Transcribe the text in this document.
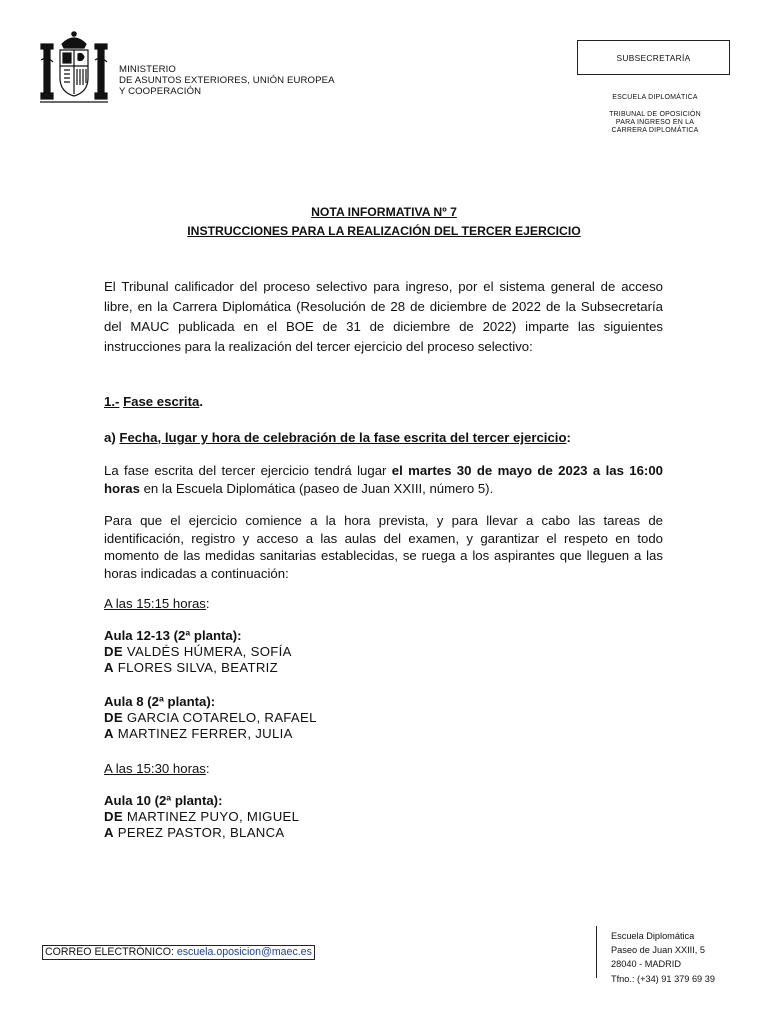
MINISTERIO
DE ASUNTOS EXTERIORES, UNIÓN EUROPEA
Y COOPERACIÓN
SUBSECRETARÍA
ESCUELA DIPLOMÁTICA
TRIBUNAL DE OPOSICIÓN
PARA INGRESO EN LA
CARRERA DIPLOMÁTICA
NOTA INFORMATIVA Nº 7
INSTRUCCIONES PARA LA REALIZACIÓN DEL TERCER EJERCICIO
El Tribunal calificador del proceso selectivo para ingreso, por el sistema general de acceso libre, en la Carrera Diplomática (Resolución de 28 de diciembre de 2022 de la Subsecretaría del MAUC publicada en el BOE de 31 de diciembre de 2022) imparte las siguientes instrucciones para la realización del tercer ejercicio del proceso selectivo:
1.- Fase escrita.
a) Fecha, lugar y hora de celebración de la fase escrita del tercer ejercicio:
La fase escrita del tercer ejercicio tendrá lugar el martes 30 de mayo de 2023 a las 16:00 horas en la Escuela Diplomática (paseo de Juan XXIII, número 5).
Para que el ejercicio comience a la hora prevista, y para llevar a cabo las tareas de identificación, registro y acceso a las aulas del examen, y garantizar el respeto en todo momento de las medidas sanitarias establecidas, se ruega a los aspirantes que lleguen a las horas indicadas a continuación:
A las 15:15 horas:
Aula 12-13 (2ª planta):
DE VALDÉS HÚMERA, SOFÍA
A FLORES SILVA, BEATRIZ
Aula 8 (2ª planta):
DE GARCIA COTARELO, RAFAEL
A MARTINEZ FERRER, JULIA
A las 15:30 horas:
Aula 10 (2ª planta):
DE MARTINEZ PUYO, MIGUEL
A PEREZ PASTOR, BLANCA
CORREO ELECTRÓNICO: escuela.oposicion@maec.es
Escuela Diplomática
Paseo de Juan XXIII, 5
28040 - MADRID
Tfno.: (+34) 91 379 69 39
